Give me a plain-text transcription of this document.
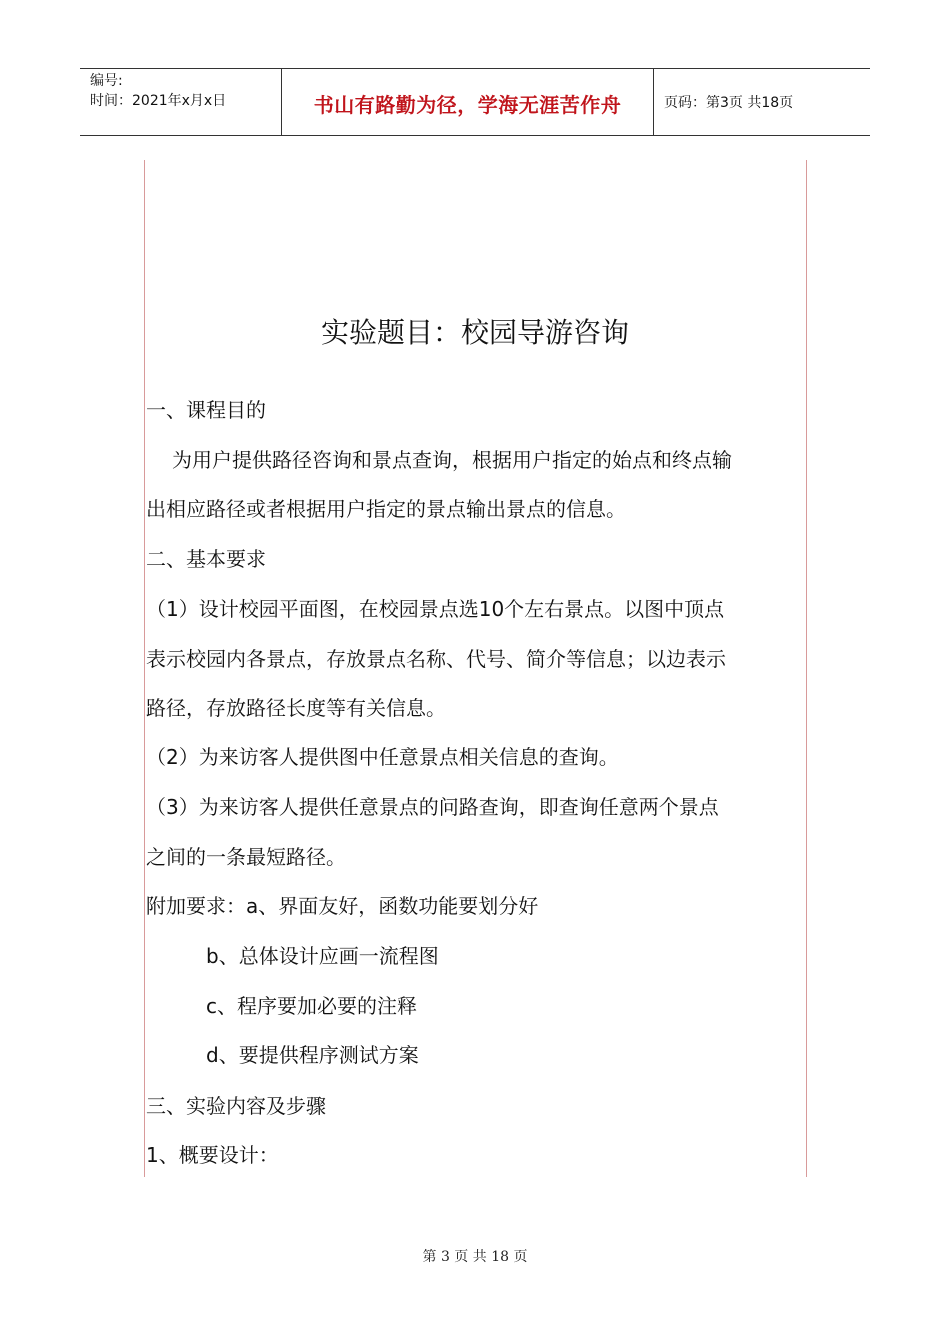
编号:
时间：2021年x月x日	书山有路勤为径，学海无涯苦作舟	页码：第3页 共18页
实验题目：校园导游咨询
一、课程目的
为用户提供路径咨询和景点查询，根据用户指定的始点和终点输
出相应路径或者根据用户指定的景点输出景点的信息。
二、基本要求
（1）设计校园平面图，在校园景点选10个左右景点。以图中顶点
表示校园内各景点，存放景点名称、代号、简介等信息；以边表示
路径，存放路径长度等有关信息。
（2）为来访客人提供图中任意景点相关信息的查询。
（3）为来访客人提供任意景点的问路查询，即查询任意两个景点
之间的一条最短路径。
附加要求：a、界面友好，函数功能要划分好
b、总体设计应画一流程图
c、程序要加必要的注释
d、要提供程序测试方案
三、实验内容及步骤
1、概要设计：
第 3 页 共 18 页
